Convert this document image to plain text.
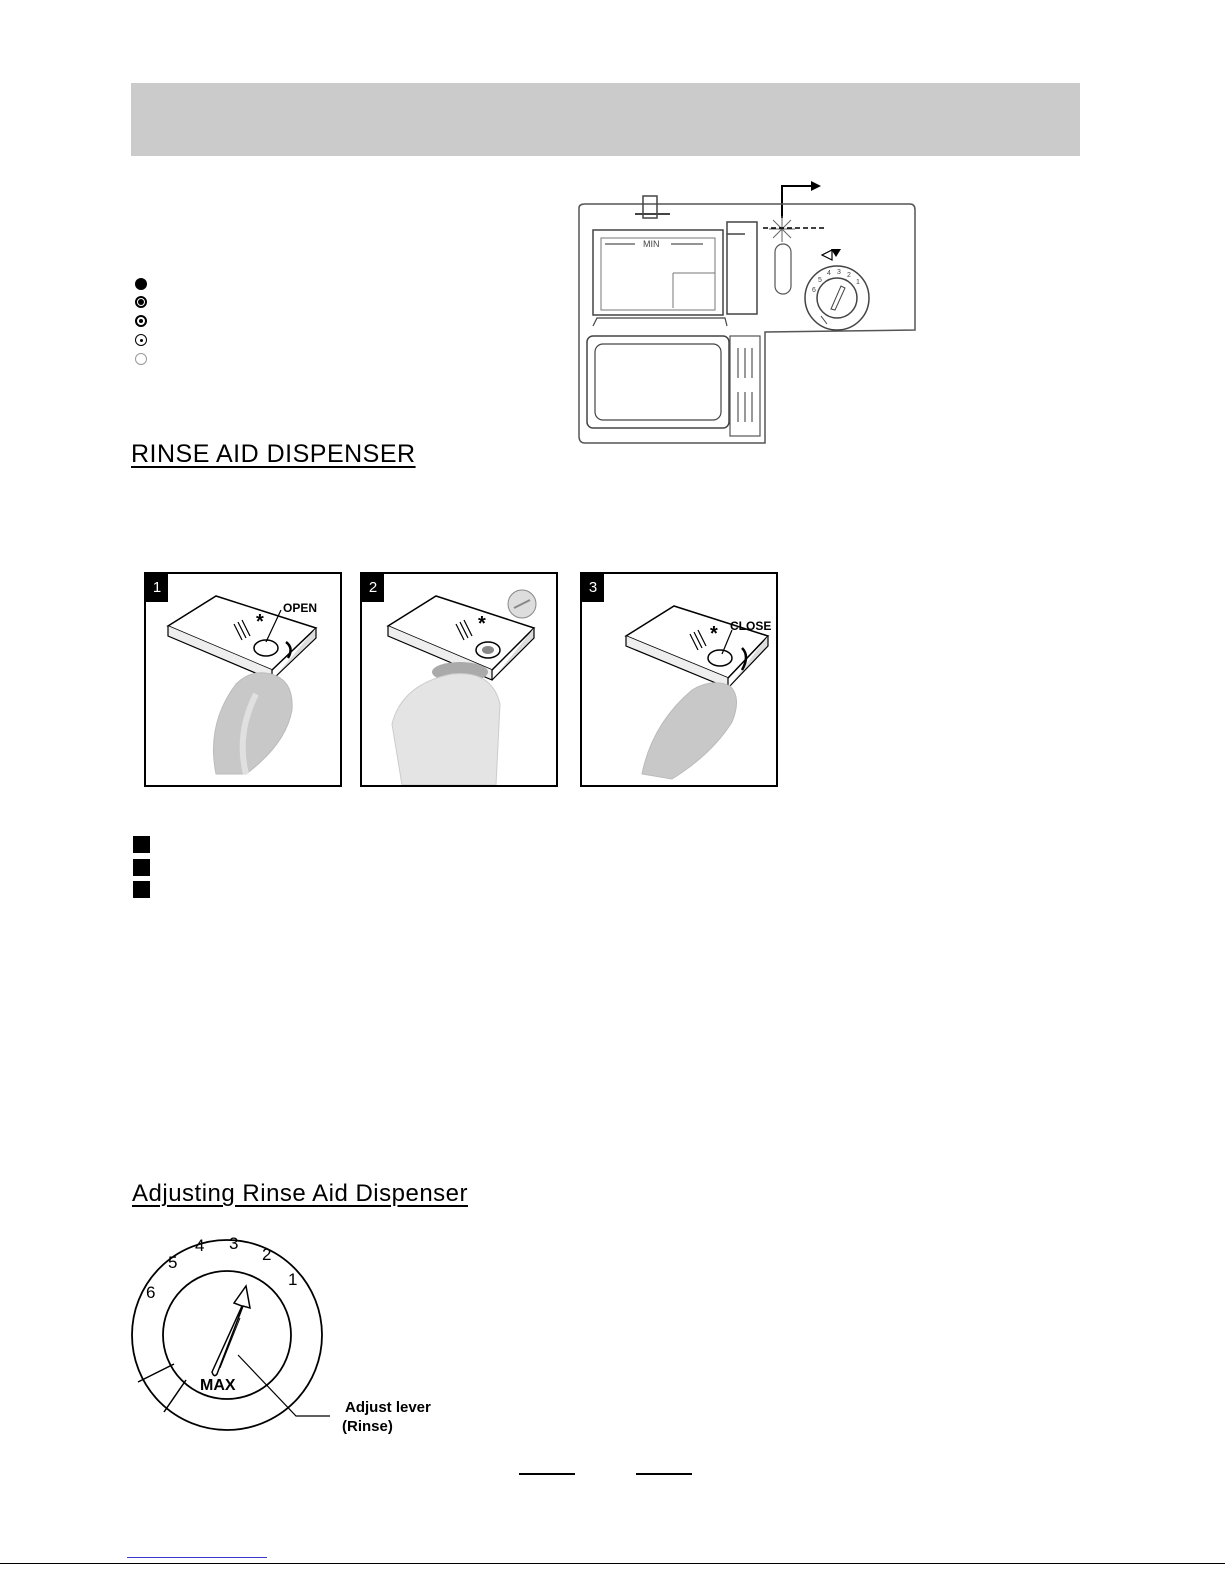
MIN
6
5
4 3 2
1
RINSE AID DISPENSER
1
*
OPEN
2
*
3
* CLOSE
Adjusting Rinse Aid Dispenser
6
5
4 3
2
1
MAX
Adjust lever
(Rinse)
